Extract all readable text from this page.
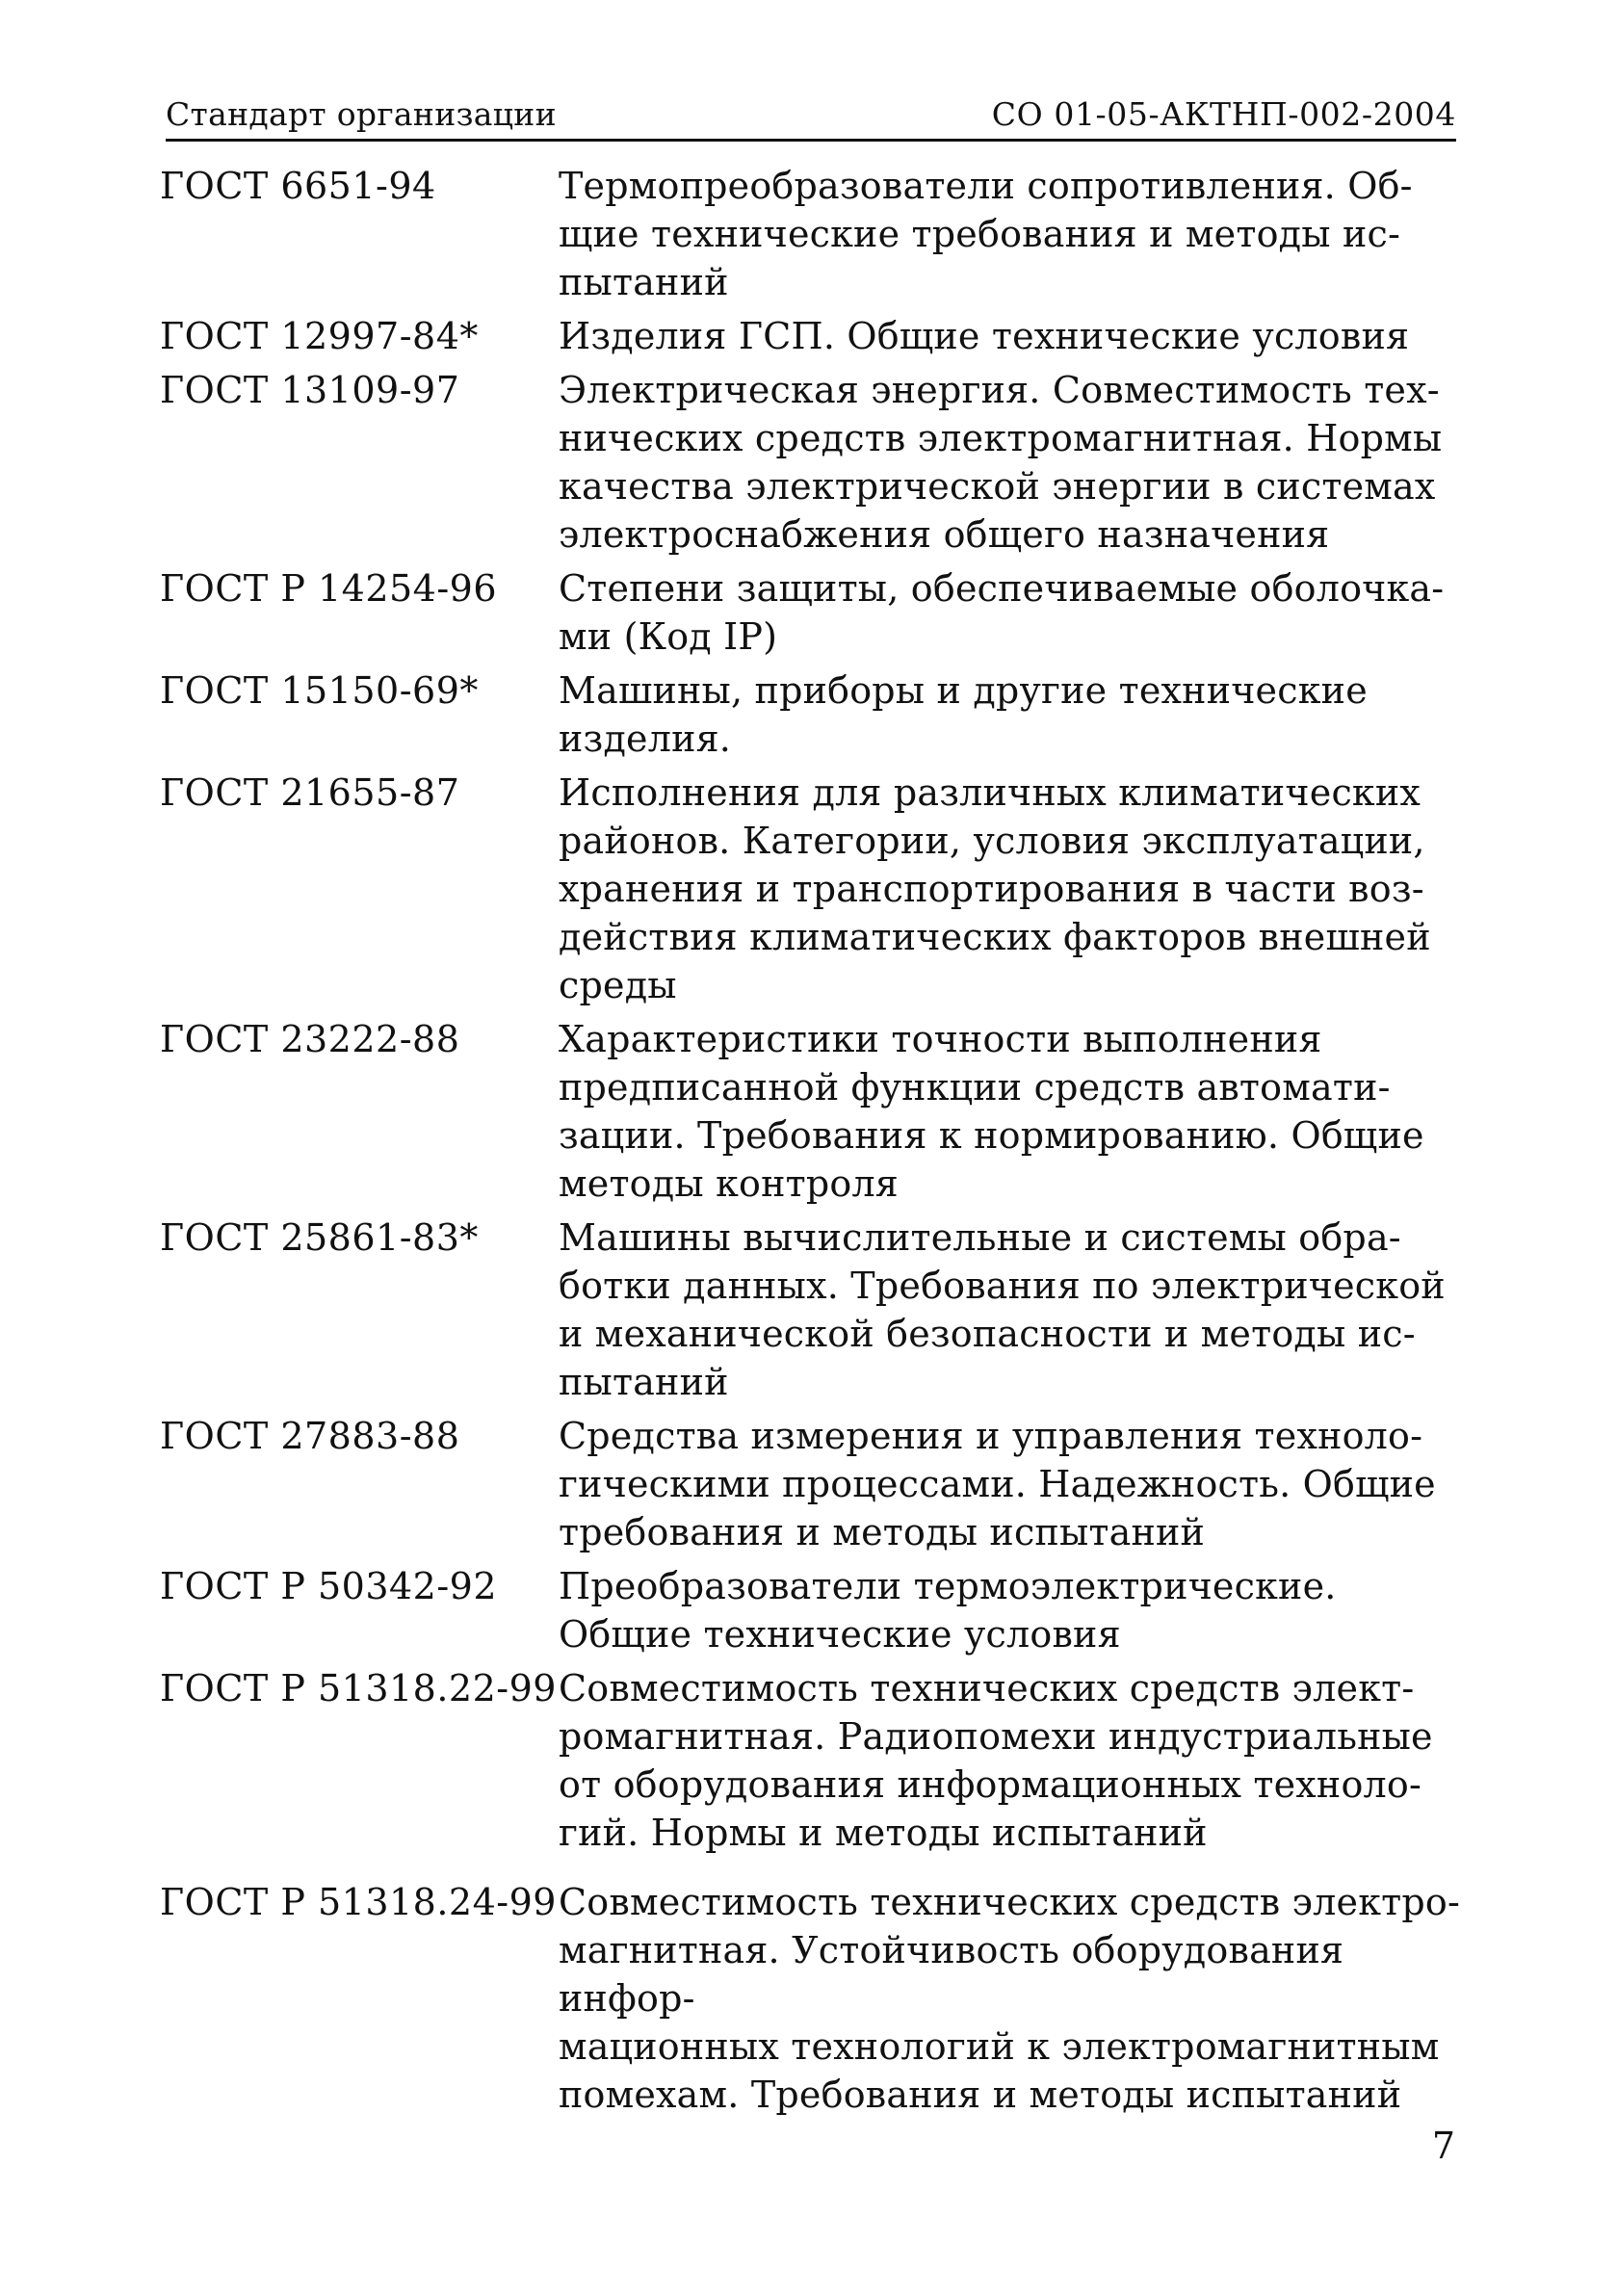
Стандарт организации	СО 01-05-АКТНП-002-2004
ГОСТ 6651-94	Термопреобразователи сопротивления. Об-
щие технические требования и методы ис-
пытаний
ГОСТ 12997-84*	Изделия ГСП. Общие технические условия
ГОСТ 13109-97	Электрическая энергия. Совместимость тех-
нических средств электромагнитная. Нормы
качества электрической энергии в системах
электроснабжения общего назначения
ГОСТ Р 14254-96	Степени защиты, обеспечиваемые оболочка-
ми (Код IP)
ГОСТ 15150-69*	Машины, приборы и другие технические
изделия.
ГОСТ 21655-87	Исполнения для различных климатических
районов. Категории, условия эксплуатации,
хранения и транспортирования в части воз-
действия климатических факторов внешней
среды
ГОСТ 23222-88	Характеристики точности выполнения
предписанной функции средств автомати-
зации. Требования к нормированию. Общие
методы контроля
ГОСТ 25861-83*	Машины вычислительные и системы обра-
ботки данных. Требования по электрической
и механической безопасности и методы ис-
пытаний
ГОСТ 27883-88	Средства измерения и управления техноло-
гическими процессами. Надежность. Общие
требования и методы испытаний
ГОСТ Р 50342-92	Преобразователи термоэлектрические.
Общие технические условия
ГОСТ Р 51318.22-99 Совместимость технических средств элект-
ромагнитная. Радиопомехи индустриальные
от оборудования информационных техноло-
гий. Нормы и методы испытаний
ГОСТ Р 51318.24-99 Совместимость технических средств электро-
магнитная. Устойчивость оборудования инфор-
мационных технологий к электромагнитным
помехам. Требования и методы испытаний
7
